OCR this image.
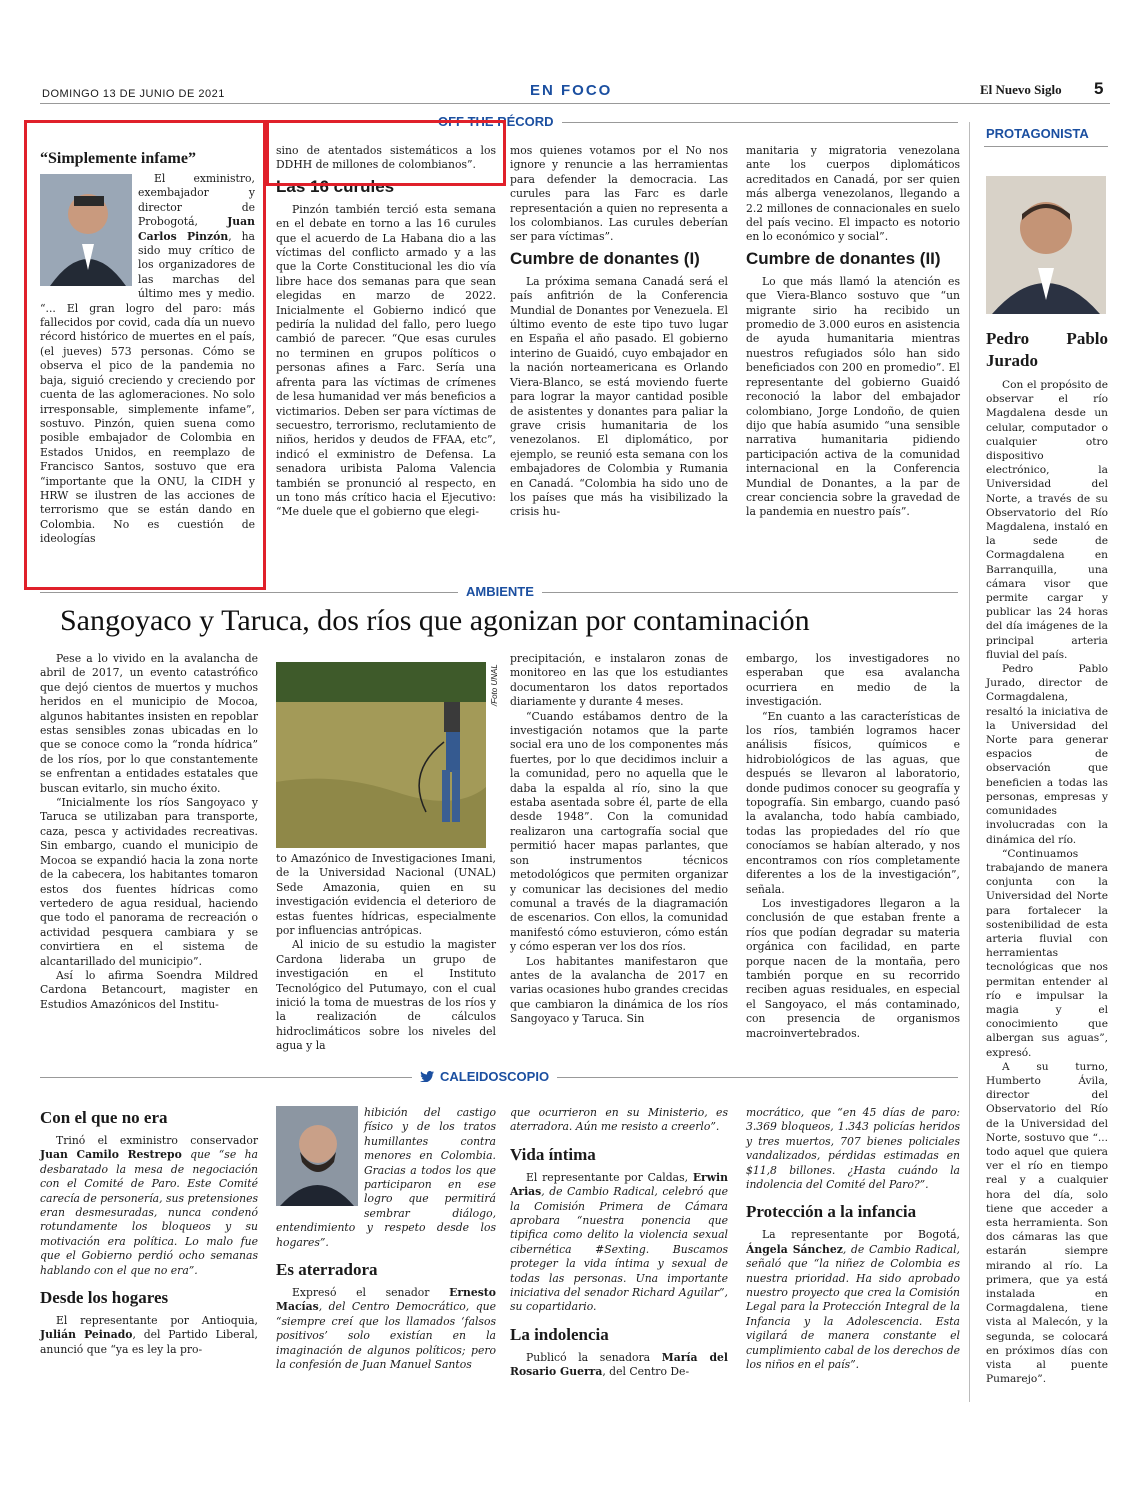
DOMINGO 13 DE JUNIO DE 2021	EN FOCO	El Nuevo Siglo 5
OFF THE RÉCORD
“Simplemente infame”

El exministro, exembajador y director de Probogotá, Juan Carlos Pinzón, ha sido muy crítico de los organizadores de las marchas del último mes y medio. “... El gran logro del paro: más fallecidos por covid, cada día un nuevo récord histórico de muertes en el país, (el jueves) 573 personas. Cómo se observa el pico de la pandemia no baja, siguió creciendo y creciendo por cuenta de las aglomeraciones. No solo irresponsable, simplemente infame”, sostuvo. Pinzón, quien suena como posible embajador de Colombia en Estados Unidos, en reemplazo de Francisco Santos, sostuvo que era “importante que la ONU, la CIDH y HRW se ilustren de las acciones de terrorismo que se están dando en Colombia. No es cuestión de ideologías

sino de atentados sistemáticos a los DDHH de millones de colombianos”.

Las 16 curules

Pinzón también terció esta semana en el debate en torno a las 16 curules que el acuerdo de La Habana dio a las víctimas del conflicto armado y a las que la Corte Constitucional les dio vía libre hace dos semanas para que sean elegidas en marzo de 2022. Inicialmente el Gobierno indicó que pediría la nulidad del fallo, pero luego cambió de parecer. “Que esas curules no terminen en grupos políticos o personas afines a Farc. Sería una afrenta para las víctimas de crímenes de lesa humanidad ver más beneficios a victimarios. Deben ser para víctimas de secuestro, terrorismo, reclutamiento de niños, heridos y deudos de FFAA, etc”, indicó el exministro de Defensa. La senadora uribista Paloma Valencia también se pronunció al respecto, en un tono más crítico hacia el Ejecutivo: “Me duele que el gobierno que elegi-

mos quienes votamos por el No nos ignore y renuncie a las herramientas para defender la democracia. Las curules para las Farc es darle representación a quien no representa a los colombianos. Las curules deberían ser para víctimas”.

Cumbre de donantes (I)

La próxima semana Canadá será el país anfitrión de la Conferencia Mundial de Donantes por Venezuela. El último evento de este tipo tuvo lugar en España el año pasado. El gobierno interino de Guaidó, cuyo embajador en la nación norteamericana es Orlando Viera-Blanco, se está moviendo fuerte para lograr la mayor cantidad posible de asistentes y donantes para paliar la grave crisis humanitaria de los venezolanos. El diplomático, por ejemplo, se reunió esta semana con los embajadores de Colombia y Rumania en Canadá. “Colombia ha sido uno de los países que más ha visibilizado la crisis hu-

manitaria y migratoria venezolana ante los cuerpos diplomáticos acreditados en Canadá, por ser quien más alberga venezolanos, llegando a 2.2 millones de connacionales en suelo del país vecino. El impacto es notorio en lo económico y social”.

Cumbre de donantes (II)

Lo que más llamó la atención es que Viera-Blanco sostuvo que “un migrante sirio ha recibido un promedio de 3.000 euros en asistencia de ayuda humanitaria mientras nuestros refugiados sólo han sido beneficiados con 200 en promedio”. El representante del gobierno Guaidó reconoció la labor del embajador colombiano, Jorge Londoño, de quien dijo que había asumido “una sensible narrativa humanitaria pidiendo participación activa de la comunidad internacional en la Conferencia Mundial de Donantes, a la par de crear conciencia sobre la gravedad de la pandemia en nuestro país”.

PROTAGONISTA
Pedro Pablo Jurado

Con el propósito de observar el río Magdalena desde un celular, computador o cualquier otro dispositivo electrónico, la Universidad del Norte, a través de su Observatorio del Río Magdalena, instaló en la sede de Cormagdalena en Barranquilla, una cámara visor que permite cargar y publicar las 24 horas del día imágenes de la principal arteria fluvial del país.

Pedro Pablo Jurado, director de Cormagdalena, resaltó la iniciativa de la Universidad del Norte para generar espacios de observación que beneficien a todas las personas, empresas y comunidades involucradas con la dinámica del río.

“Continuamos trabajando de manera conjunta con la Universidad del Norte para fortalecer la sostenibilidad de esta arteria fluvial con herramientas tecnológicas que nos permitan entender al río e impulsar la magia y el conocimiento que albergan sus aguas”, expresó.

A su turno, Humberto Ávila, director del Observatorio del Río de la Universidad del Norte, sostuvo que “... todo aquel que quiera ver el río en tiempo real y a cualquier hora del día, solo tiene que acceder a esta herramienta. Son dos cámaras las que estarán siempre mirando al río. La primera, que ya está instalada en Cormagdalena, tiene vista al Malecón, y la segunda, se colocará en próximos días con vista al puente Pumarejo”.

AMBIENTE
Sangoyaco y Taruca, dos ríos que agonizan por contaminación

Pese a lo vivido en la avalancha de abril de 2017, un evento catastrófico que dejó cientos de muertos y muchos heridos en el municipio de Mocoa, algunos habitantes insisten en repoblar estas sensibles zonas ubicadas en lo que se conoce como la “ronda hídrica” de los ríos, por lo que constantemente se enfrentan a entidades estatales que buscan evitarlo, sin mucho éxito.

“Inicialmente los ríos Sangoyaco y Taruca se utilizaban para transporte, caza, pesca y actividades recreativas. Sin embargo, cuando el municipio de Mocoa se expandió hacia la zona norte de la cabecera, los habitantes tomaron estos dos fuentes hídricas como vertedero de agua residual, haciendo que todo el panorama de recreación o actividad pesquera cambiara y se convirtiera en el sistema de alcantarillado del municipio”.

Así lo afirma Soendra Mildred Cardona Betancourt, magister en Estudios Amazónicos del Institu-

/Foto UNAL

to Amazónico de Investigaciones Imani, de la Universidad Nacional (UNAL) Sede Amazonia, quien en su investigación evidencia el deterioro de estas fuentes hídricas, especialmente por influencias antrópicas.

Al inicio de su estudio la magister Cardona lideraba un grupo de investigación en el Instituto Tecnológico del Putumayo, con el cual inició la toma de muestras de los ríos y la realización de cálculos hidroclimáticos sobre los niveles del agua y la

precipitación, e instalaron zonas de monitoreo en las que los estudiantes documentaron los datos reportados diariamente y durante 4 meses.

“Cuando estábamos dentro de la investigación notamos que la parte social era uno de los componentes más fuertes, por lo que decidimos incluir a la comunidad, pero no aquella que le daba la espalda al río, sino la que estaba asentada sobre él, parte de ella desde 1948”. Con la comunidad realizaron una cartografía social que permitió hacer mapas parlantes, que son instrumentos técnicos metodológicos que permiten organizar y comunicar las decisiones del medio comunal a través de la diagramación de escenarios. Con ellos, la comunidad manifestó cómo estuvieron, cómo están y cómo esperan ver los dos ríos.

Los habitantes manifestaron que antes de la avalancha de 2017 en varias ocasiones hubo grandes crecidas que cambiaron la dinámica de los ríos Sangoyaco y Taruca. Sin

embargo, los investigadores no esperaban que esa avalancha ocurriera en medio de la investigación.

“En cuanto a las características de los ríos, también logramos hacer análisis físicos, químicos e hidrobiológicos de las aguas, que después se llevaron al laboratorio, donde pudimos conocer su geografía y topografía. Sin embargo, cuando pasó la avalancha, todo había cambiado, todas las propiedades del río que conocíamos se habían alterado, y nos encontramos con ríos completamente diferentes a los de la investigación”, señala.

Los investigadores llegaron a la conclusión de que estaban frente a ríos que podían degradar su materia orgánica con facilidad, en parte porque nacen de la montaña, pero también porque en su recorrido reciben aguas residuales, en especial el Sangoyaco, el más contaminado, con presencia de organismos macroinvertebrados.

CALEIDOSCOPIO
Con el que no era

Trinó el exministro conservador Juan Camilo Restrepo que “se ha desbaratado la mesa de negociación con el Comité de Paro. Este Comité carecía de personería, sus pretensiones eran desmesuradas, nunca condenó rotundamente los bloqueos y su motivación era política. Lo malo fue que el Gobierno perdió ocho semanas hablando con el que no era”.

Desde los hogares

El representante por Antioquia, Julián Peinado, del Partido Liberal, anunció que “ya es ley la pro-

hibición del castigo físico y de los tratos humillantes contra menores en Colombia. Gracias a todos los que participaron en ese logro que permitirá sembrar diálogo, entendimiento y respeto desde los hogares”.

Es aterradora

Expresó el senador Ernesto Macías, del Centro Democrático, que “siempre creí que los llamados ‘falsos positivos’ solo existían en la imaginación de algunos políticos; pero la confesión de Juan Manuel Santos

que ocurrieron en su Ministerio, es aterradora. Aún me resisto a creerlo”.

Vida íntima

El representante por Caldas, Erwin Arias, de Cambio Radical, celebró que la Comisión Primera de Cámara aprobara “nuestra ponencia que tipifica como delito la violencia sexual cibernética #Sexting. Buscamos proteger la vida íntima y sexual de todas las personas. Una importante iniciativa del senador Richard Aguilar”, su copartidario.

La indolencia

Publicó la senadora María del Rosario Guerra, del Centro De-

mocrático, que “en 45 días de paro: 3.369 bloqueos, 1.343 policías heridos y tres muertos, 707 bienes policiales vandalizados, pérdidas estimadas en $11,8 billones. ¿Hasta cuándo la indolencia del Comité del Paro?”.

Protección a la infancia

La representante por Bogotá, Ángela Sánchez, de Cambio Radical, señaló que “la niñez de Colombia es nuestra prioridad. Ha sido aprobado nuestro proyecto que crea la Comisión Legal para la Protección Integral de la Infancia y la Adolescencia. Esta vigilará de manera constante el cumplimiento cabal de los derechos de los niños en el país”.
